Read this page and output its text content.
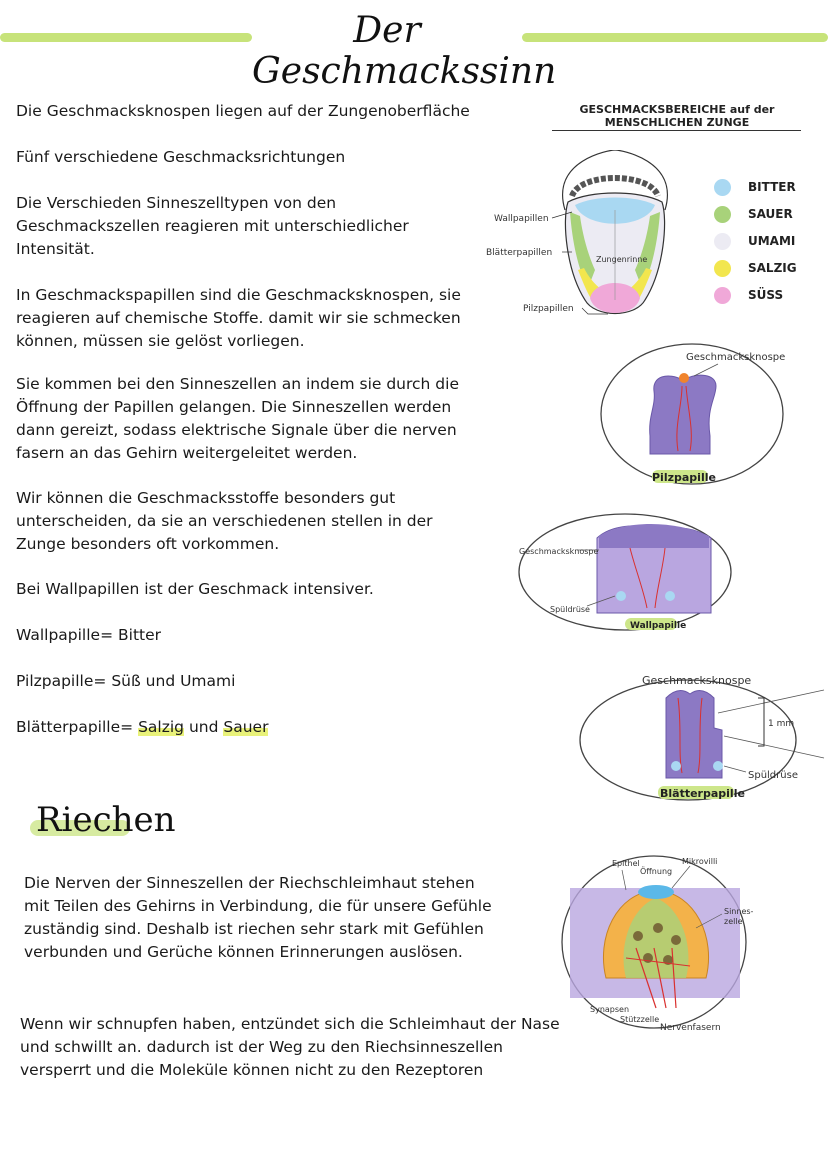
Der Geschmackssinn

Die Geschmacksknospen liegen auf der Zungenoberfläche

Fünf verschiedene Geschmacksrichtungen

Die Verschieden Sinneszelltypen von den Geschmackszellen reagieren mit unterschiedlicher Intensität.

In Geschmackspapillen sind die Geschmacksknospen, sie reagieren auf chemische Stoffe. damit wir sie schmecken können, müssen sie gelöst vorliegen.

Sie kommen bei den Sinneszellen an indem sie durch die Öffnung der Papillen gelangen. Die Sinneszellen werden dann gereizt, sodass elektrische Signale über die nerven fasern an das Gehirn weitergeleitet werden.

Wir können die Geschmacksstoffe besonders gut unterscheiden, da sie an verschiedenen stellen in der Zunge besonders oft vorkommen.

Bei Wallpapillen ist der Geschmack intensiver.

Wallpapille= Bitter

Pilzpapille= Süß und Umami

Blätterpapille= Salzig und Sauer

GESCHMACKSBEREICHE auf der
MENSCHLICHEN ZUNGE
Wallpapillen
Blätterpapillen
Zungenrinne
Pilzpapillen
BITTER
SAUER
UMAMI
SALZIG
SÜSS
Geschmacksknospe
Pilzpapille
Geschmacksknospe
Spüldrüse
Wallpapille
Geschmacksknospe
1 mm
Spüldrüse
Blätterpapille
Riechen

Die Nerven der Sinneszellen der Riechschleimhaut stehen mit Teilen des Gehirns in Verbindung, die für unsere Gefühle zuständig sind. Deshalb ist riechen sehr stark mit Gefühlen verbunden und Gerüche können Erinnerungen auslösen.

Wenn wir schnupfen haben, entzündet sich die Schleimhaut der Nase und schwillt an. dadurch ist der Weg zu den Riechsinneszellen versperrt und die Moleküle können nicht zu den Rezeptoren

Epithel
Öffnung
Mikrovilli
Sinnes-
zelle
Synapsen
Stützzelle
Nervenfasern
